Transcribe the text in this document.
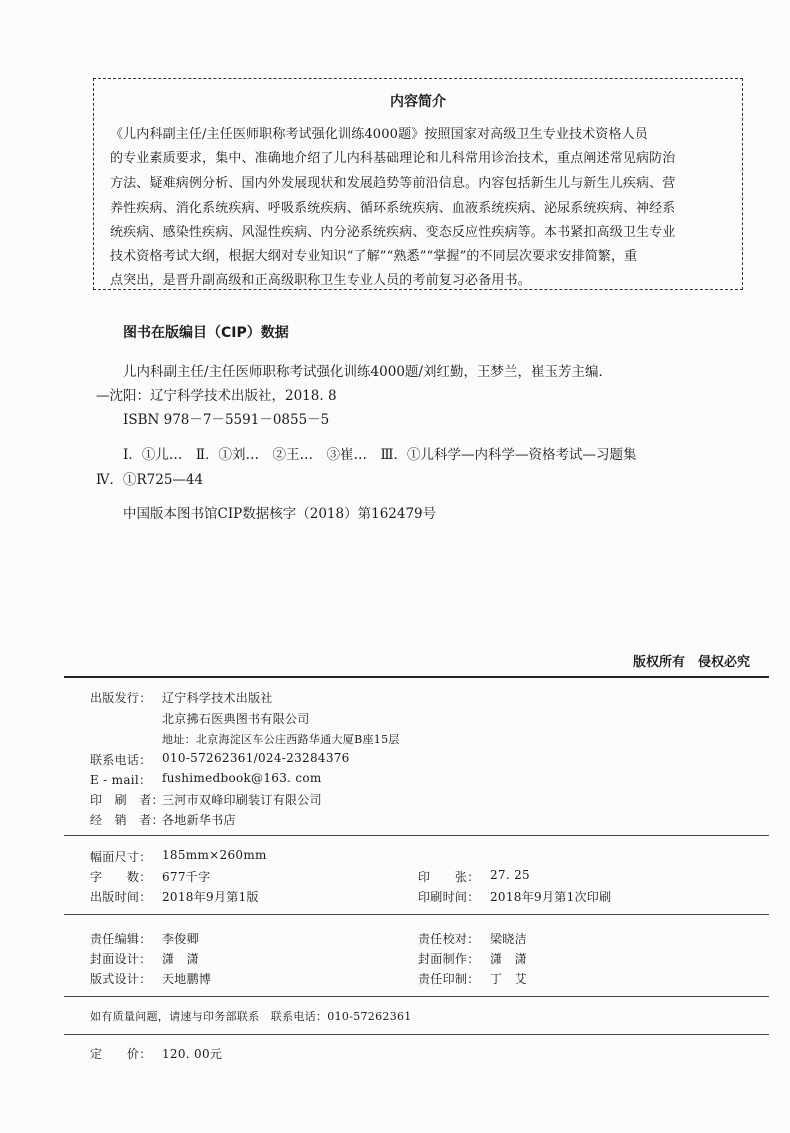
内容简介
《儿内科副主任/主任医师职称考试强化训练4000题》按照国家对高级卫生专业技术资格人员
的专业素质要求，集中、准确地介绍了儿内科基础理论和儿科常用诊治技术，重点阐述常见病防治
方法、疑难病例分析、国内外发展现状和发展趋势等前沿信息。内容包括新生儿与新生儿疾病、营
养性疾病、消化系统疾病、呼吸系统疾病、循环系统疾病、血液系统疾病、泌尿系统疾病、神经系
统疾病、感染性疾病、风湿性疾病、内分泌系统疾病、变态反应性疾病等。本书紧扣高级卫生专业
技术资格考试大纲，根据大纲对专业知识“了解”“熟悉”“掌握”的不同层次要求安排简繁，重
点突出，是晋升副高级和正高级职称卫生专业人员的考前复习必备用书。
图书在版编目（CIP）数据
儿内科副主任/主任医师职称考试强化训练4000题/刘红勤，王梦兰，崔玉芳主编．
—沈阳：辽宁科学技术出版社，2018. 8
ISBN 978－7－5591－0855－5
Ⅰ．①儿…　Ⅱ．①刘…　②王…　③崔…　Ⅲ．①儿科学—内科学—资格考试—习题集
Ⅳ．①R725—44
中国版本图书馆CIP数据核字（2018）第162479号
版权所有　侵权必究
出版发行： 辽宁科学技术出版社
北京拂石医典图书有限公司
地址：北京海淀区车公庄西路华通大厦B座15层
联系电话： 010-57262361/024-23284376
E - mail： fushimedbook@163. com
印　刷　者：
三河市双峰印刷装订有限公司
经　销　者：
各地新华书店
幅面尺寸： 185mm×260mm
字　　数： 677千字	印　　张： 27. 25
出版时间： 2018年9月第1版	印刷时间： 2018年9月第1次印刷
责任编辑： 李俊卿	责任校对： 梁晓洁
封面设计： 潇　潇	封面制作： 潇　潇
版式设计： 天地鹏博	责任印制： 丁　艾
如有质量问题，请速与印务部联系　联系电话：010-57262361
定　　价： 120. 00元
